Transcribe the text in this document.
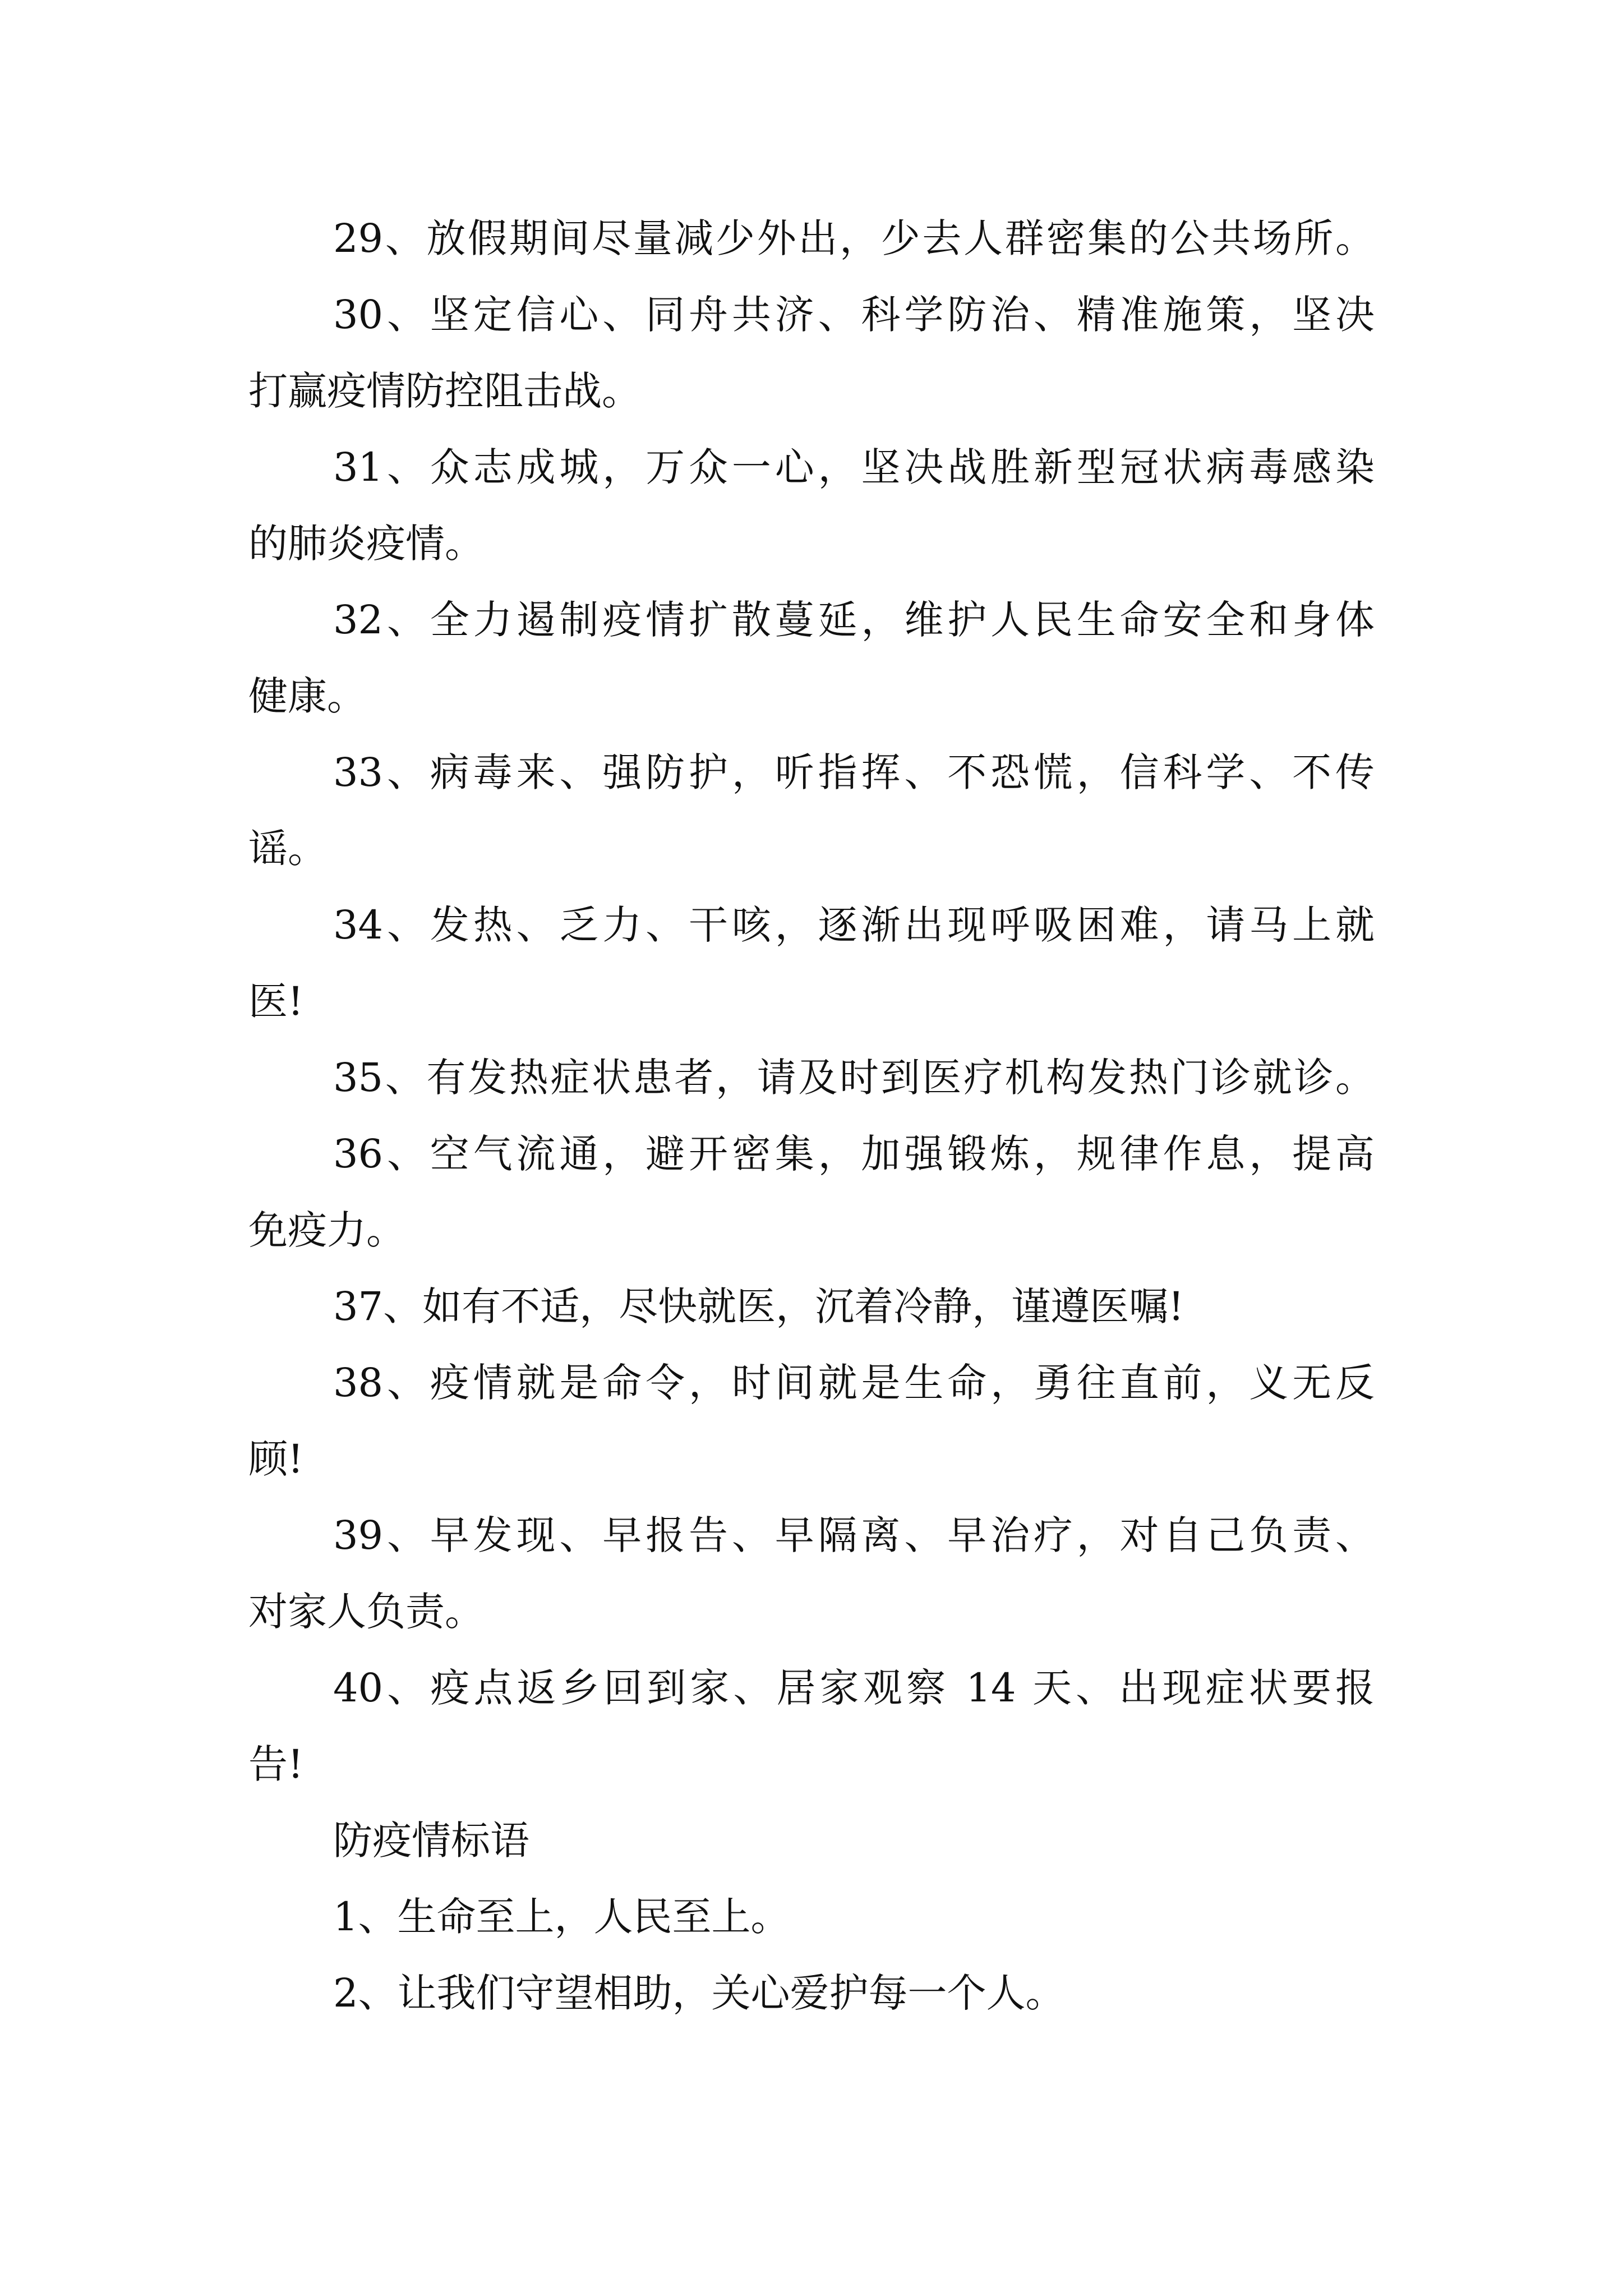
29、放假期间尽量减少外出，少去人群密集的公共场所。
30、坚定信心、同舟共济、科学防治、精准施策，坚决
打赢疫情防控阻击战。
31、众志成城，万众一心，坚决战胜新型冠状病毒感染
的肺炎疫情。
32、全力遏制疫情扩散蔓延，维护人民生命安全和身体
健康。
33、病毒来、强防护，听指挥、不恐慌，信科学、不传
谣。
34、发热、乏力、干咳，逐渐出现呼吸困难，请马上就
医!
35、有发热症状患者，请及时到医疗机构发热门诊就诊。
36、空气流通，避开密集，加强锻炼，规律作息，提高
免疫力。
37、如有不适，尽快就医，沉着冷静，谨遵医嘱!
38、疫情就是命令，时间就是生命，勇往直前，义无反
顾!
39、早发现、早报告、早隔离、早治疗，对自己负责、
对家人负责。
40、疫点返乡回到家、居家观察 14 天、出现症状要报
告!
防疫情标语
1、生命至上，人民至上。
2、让我们守望相助，关心爱护每一个人。
